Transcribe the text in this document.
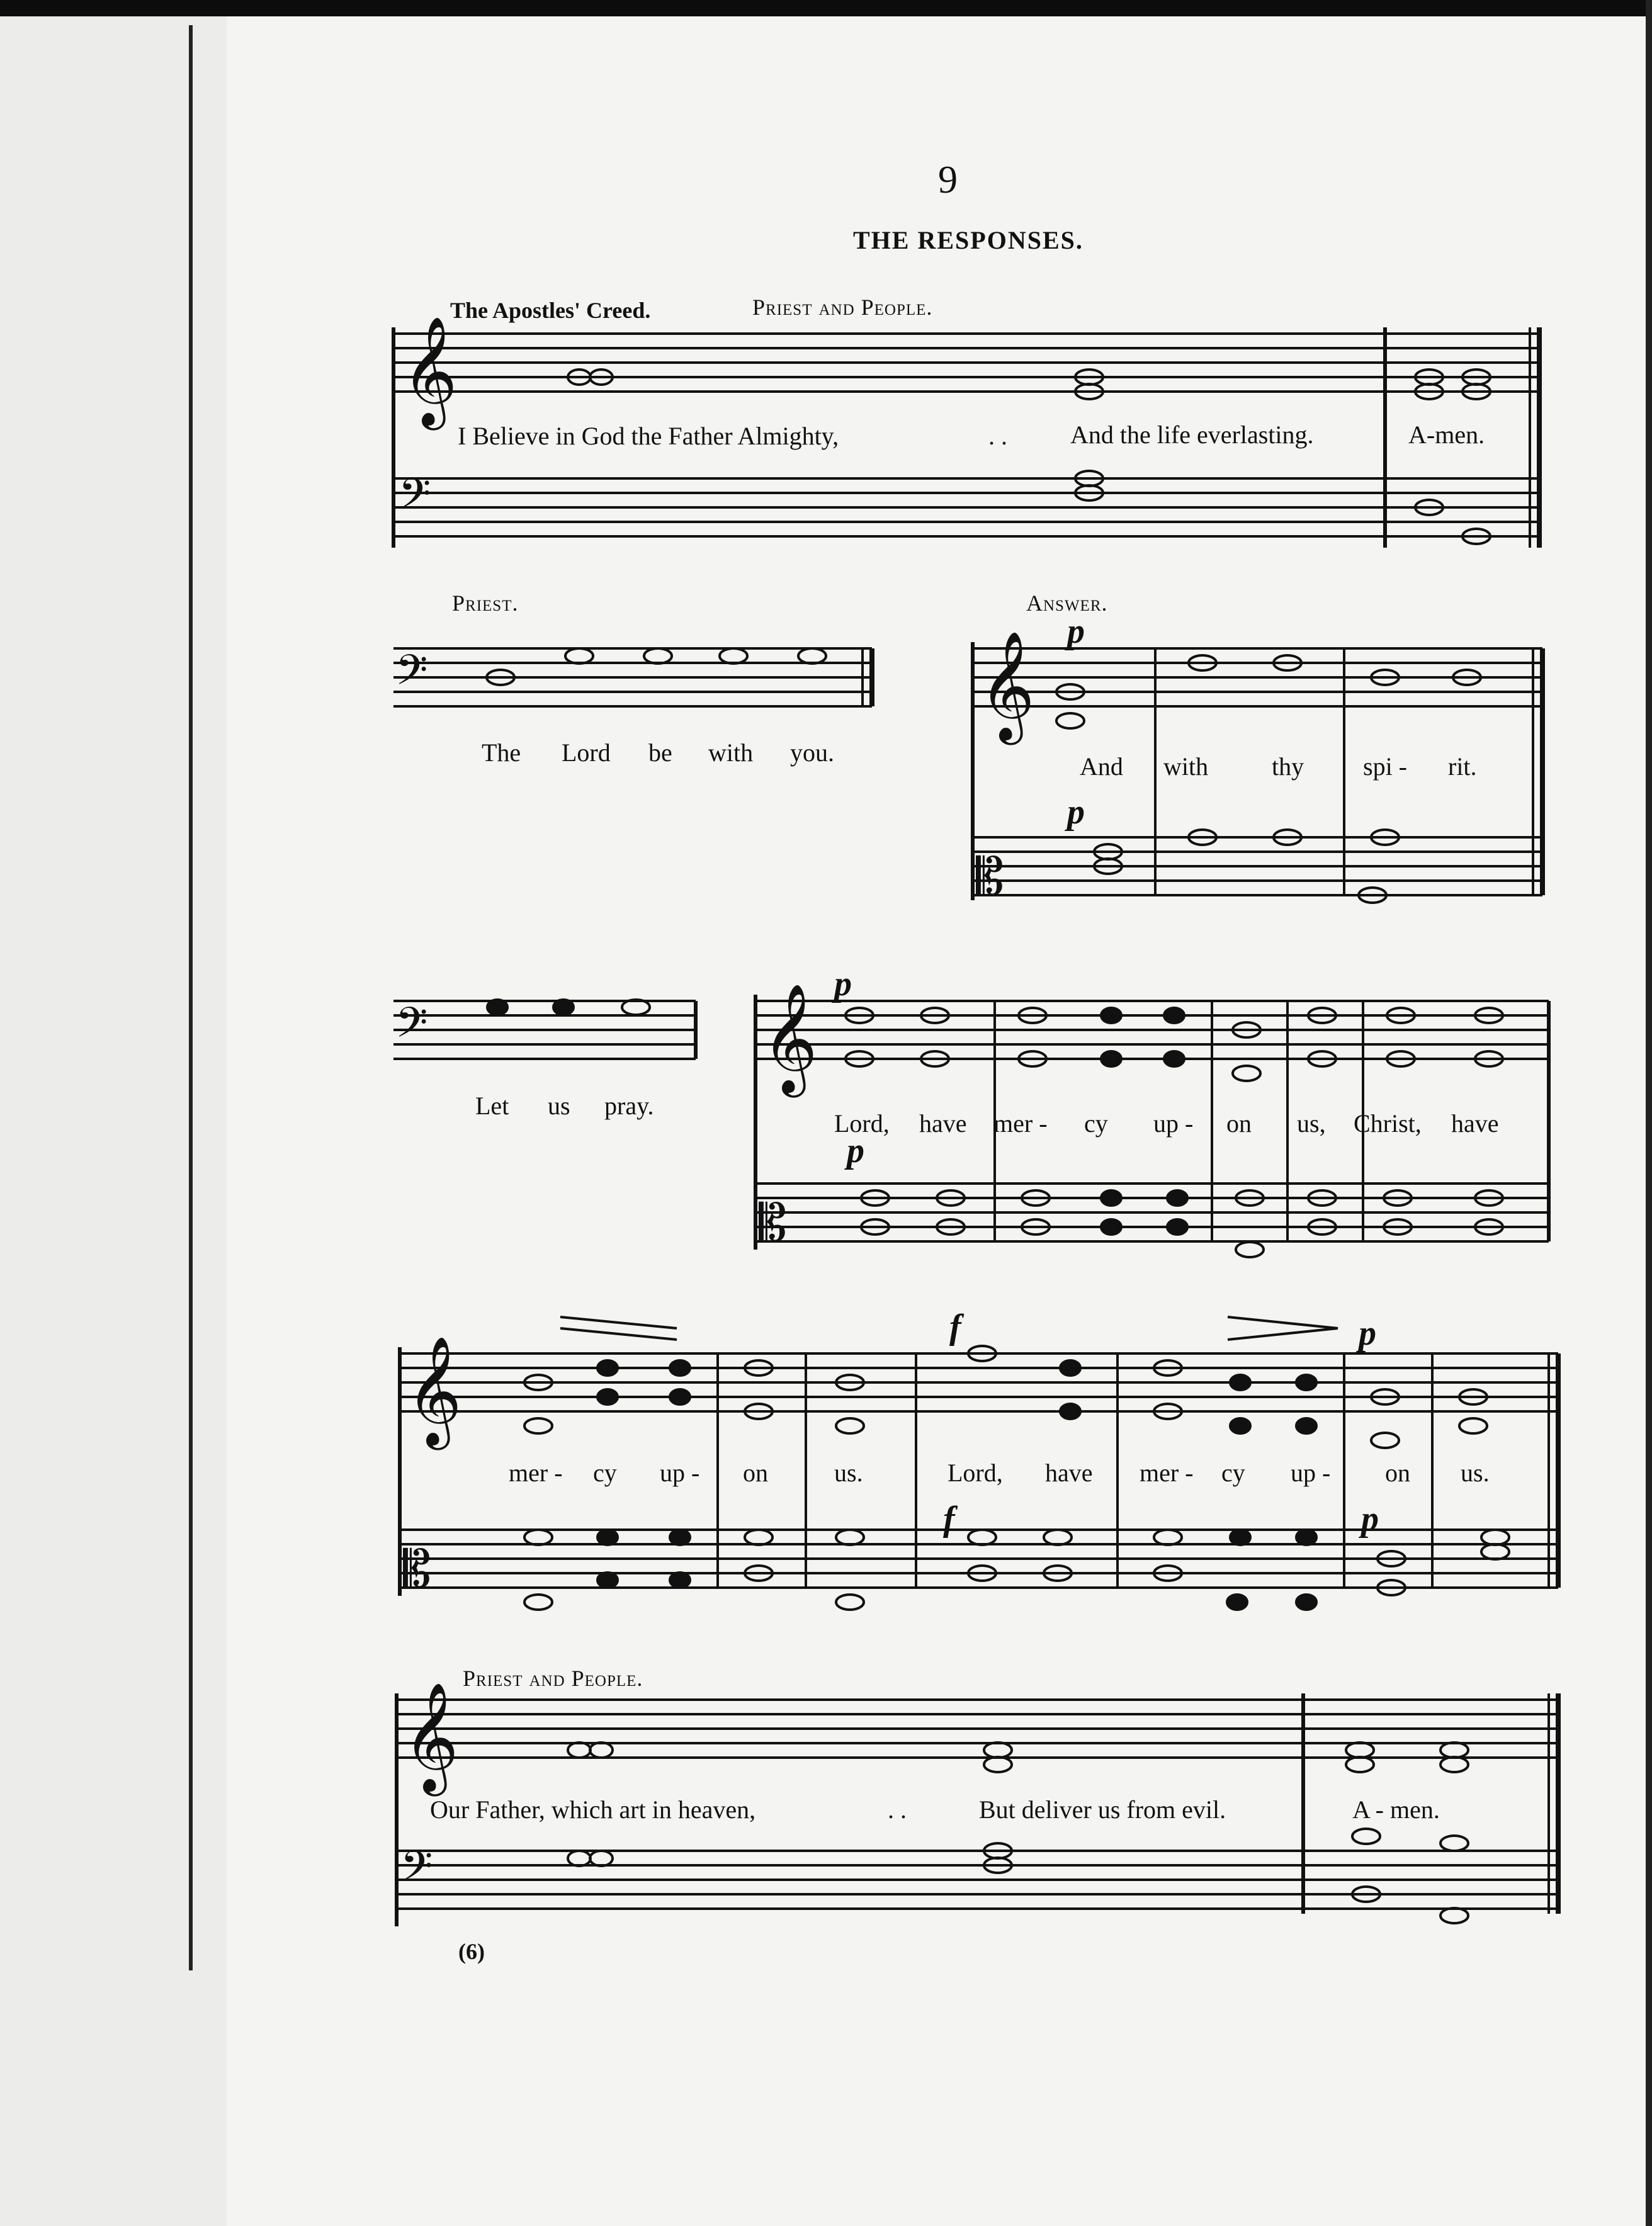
𝄞
𝄢
𝄢	𝄞
𝄡
𝄢	𝄞
𝄡
𝄞
𝄡
𝄞
𝄢
9
THE RESPONSES.
The Apostles' Creed.	Priest and People.
I Believe in God the Father Almighty,	. .	And the life everlasting.	A-men.
Priest.	Answer.
p
p
The Lord be with you.	And with	thy spi - rit.
Let us pray.
p
p
Lord, have mer - cy up - on us, Christ, have
f	p
f	p
mer - cy up - on	us.	Lord, have mer - cy up - on us.
Priest and People.
Our Father, which art in heaven,	. .	But deliver us from evil.	A - men.
(6)
